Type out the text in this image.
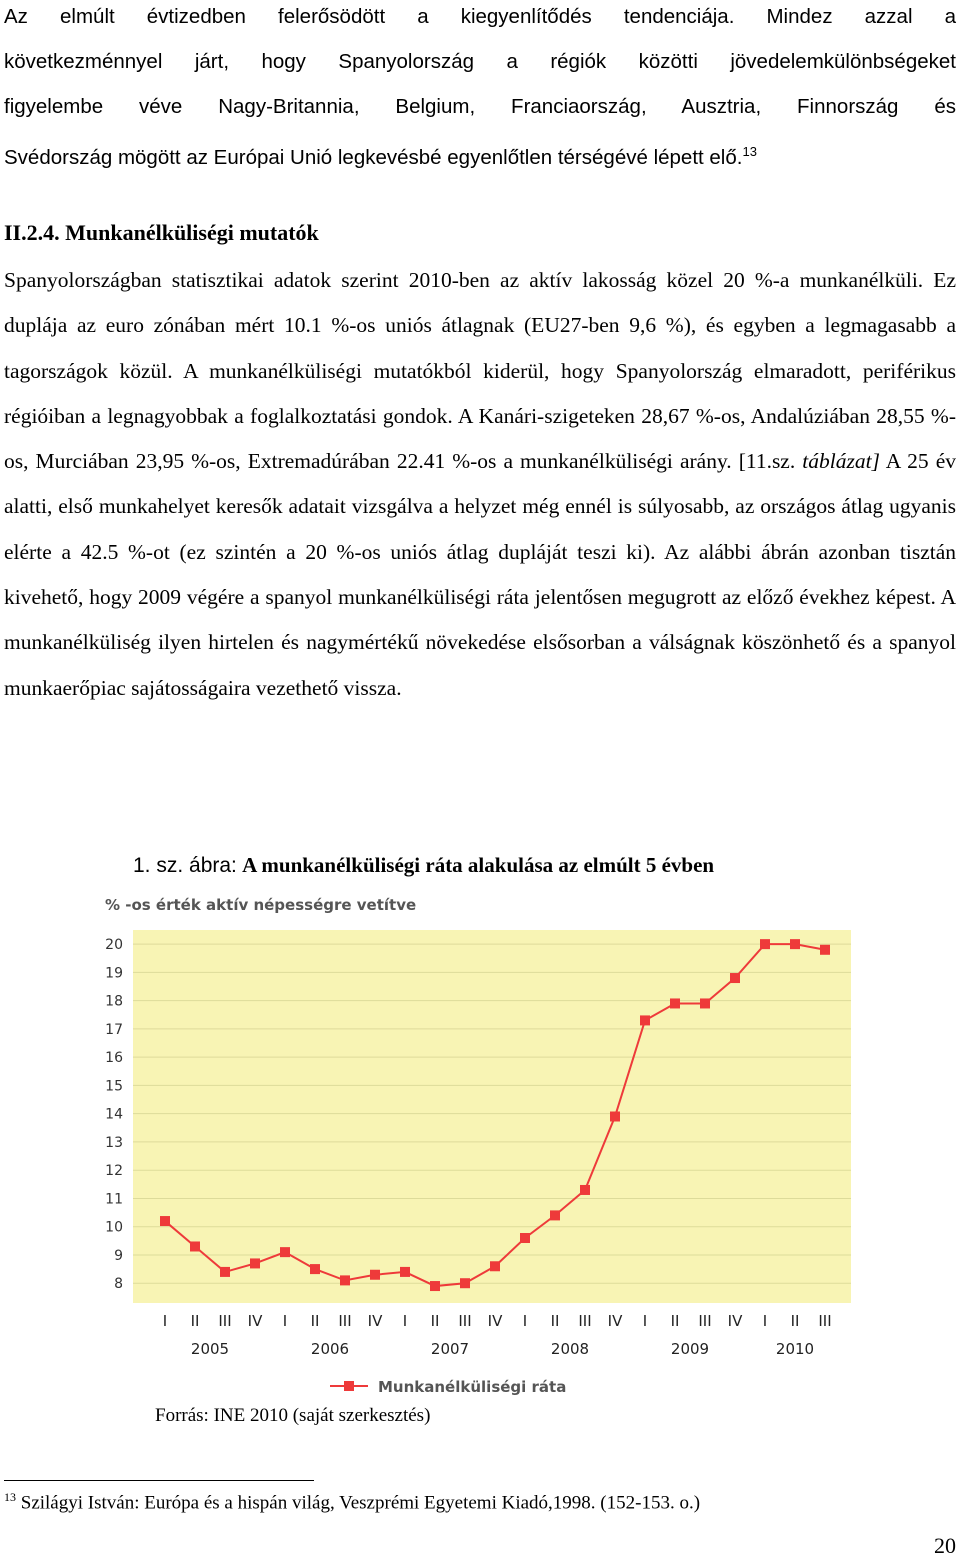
Az elmúlt évtizedben felerősödött a kiegyenlítődés tendenciája. Mindez azzal a
következménnyel járt, hogy Spanyolország a régiók közötti jövedelemkülönbségeket
figyelembe véve Nagy-Britannia, Belgium, Franciaország, Ausztria, Finnország és
Svédország mögött az Európai Unió legkevésbé egyenlőtlen térségévé lépett elő.$^{13}$
II.2.4. Munkanélküliségi mutatók
Spanyolországban statisztikai adatok szerint 2010-ben az aktív lakosság közel 20 %-a munkanélküli. Ez duplája az euro zónában mért 10.1 %-os uniós átlagnak (EU27-ben 9,6 %), és egyben a legmagasabb a tagországok közül. A munkanélküliségi mutatókból kiderül, hogy Spanyolország elmaradott, periférikus régióiban a legnagyobbak a foglalkoztatási gondok. A Kanári-szigeteken 28,67 %-os, Andalúziában 28,55 %-os, Murciában 23,95 %-os, Extremadúrában 22.41 %-os a munkanélküliségi arány. [11.sz. táblázat] A 25 év alatti, első munkahelyet keresők adatait vizsgálva a helyzet még ennél is súlyosabb, az országos átlag ugyanis elérte a 42.5 %-ot (ez szintén a 20 %-os uniós átlag dupláját teszi ki). Az alábbi ábrán azonban tisztán kivehető, hogy 2009 végére a spanyol munkanélküliségi ráta jelentősen megugrott az előző évekhez képest. A munkanélküliség ilyen hirtelen és nagymértékű növekedése elsősorban a válságnak köszönhető és a spanyol munkaerőpiac sajátosságaira vezethető vissza.
1. sz. ábra: A munkanélküliségi ráta alakulása az elmúlt 5 évben
% -os érték aktív népességre vetítve
8
9
10
11
12
13
14
15
16
17
18
19
20
I II III IV I II III IV I II III IV I II III IV I II III IV I II III
2005	2006	2007	2008	2009	2010
Munkanélküliségi ráta
Forrás: INE 2010 (saját szerkesztés)
$^{13}$ Szilágyi István: Európa és a hispán világ, Veszprémi Egyetemi Kiadó,1998. (152-153. o.)
20
